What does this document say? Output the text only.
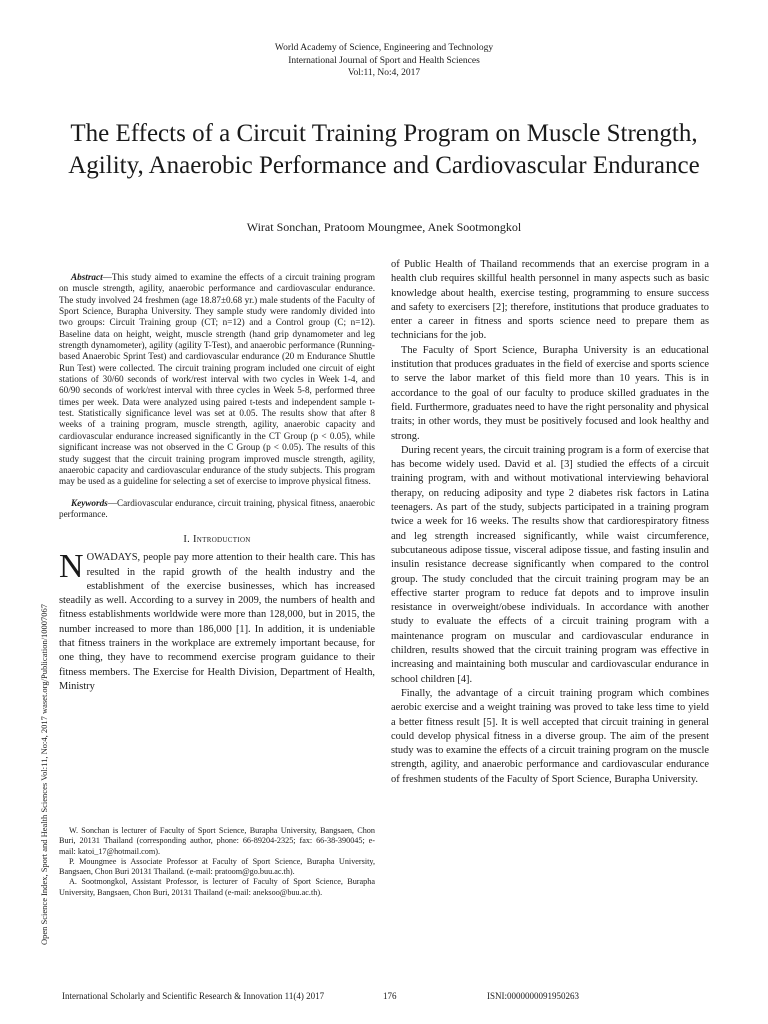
World Academy of Science, Engineering and Technology
International Journal of Sport and Health Sciences
Vol:11, No:4, 2017
The Effects of a Circuit Training Program on Muscle Strength, Agility, Anaerobic Performance and Cardiovascular Endurance
Wirat Sonchan, Pratoom Moungmee, Anek Sootmongkol
Open Science Index, Sport and Health Sciences Vol:11, No:4, 2017 waset.org/Publication/10007067

Abstract—This study aimed to examine the effects of a circuit training program on muscle strength, agility, anaerobic performance and cardiovascular endurance. The study involved 24 freshmen (age 18.87±0.68 yr.) male students of the Faculty of Sport Science, Burapha University. They sample study were randomly divided into two groups: Circuit Training group (CT; n=12) and a Control group (C; n=12). Baseline data on height, weight, muscle strength (hand grip dynamometer and leg strength dynamometer), agility (agility T-Test), and anaerobic performance (Running-based Anaerobic Sprint Test) and cardiovascular endurance (20 m Endurance Shuttle Run Test) were collected. The circuit training program included one circuit of eight stations of 30/60 seconds of work/rest interval with two cycles in Week 1-4, and 60/90 seconds of work/rest interval with three cycles in Week 5-8, performed three times per week. Data were analyzed using paired t-tests and independent sample t-test. Statistically significance level was set at 0.05. The results show that after 8 weeks of a training program, muscle strength, agility, anaerobic capacity and cardiovascular endurance increased significantly in the CT Group (p < 0.05), while significant increase was not observed in the C Group (p < 0.05). The results of this study suggest that the circuit training program improved muscle strength, agility, anaerobic capacity and cardiovascular endurance of the study subjects. This program may be used as a guideline for selecting a set of exercise to improve physical fitness.

Keywords—Cardiovascular endurance, circuit training, physical fitness, anaerobic performance.

I. Introduction

NOWADAYS, people pay more attention to their health care. This has resulted in the rapid growth of the health industry and the establishment of the exercise businesses, which has increased steadily as well. According to a survey in 2009, the numbers of health and fitness establishments worldwide were more than 128,000, but in 2015, the number increased to more than 186,000 [1]. In addition, it is undeniable that fitness trainers in the workplace are extremely important because, for one thing, they have to recommend exercise program guidance to their fitness members. The Exercise for Health Division, Department of Health, Ministry

W. Sonchan is lecturer of Faculty of Sport Science, Burapha University, Bangsaen, Chon Buri, 20131 Thailand (corresponding author, phone: 66-89204-2325; fax: 66-38-390045; e-mail: katoi_17@hotmail.com).

P. Moungmee is Associate Professor at Faculty of Sport Science, Burapha University, Bangsaen, Chon Buri 20131 Thailand. (e-mail: pratoom@go.buu.ac.th).

A. Sootmongkol, Assistant Professor, is lecturer of Faculty of Sport Science, Burapha University, Bangsaen, Chon Buri, 20131 Thailand (e-mail: aneksoo@buu.ac.th).

of Public Health of Thailand recommends that an exercise program in a health club requires skillful health personnel in many aspects such as basic knowledge about health, exercise testing, programming to ensure success and safety to exercisers [2]; therefore, institutions that produce graduates to enter a career in fitness and sports science need to prepare them as technicians for the job.

The Faculty of Sport Science, Burapha University is an educational institution that produces graduates in the field of exercise and sports science to serve the labor market of this field more than 10 years. This is in accordance to the goal of our faculty to produce skilled graduates in the field. Furthermore, graduates need to have the right personality and physical traits; in other words, they must be positively focused and look healthy and strong.

During recent years, the circuit training program is a form of exercise that has become widely used. David et al. [3] studied the effects of a circuit training program, with and without motivational interviewing behavioral therapy, on reducing adiposity and type 2 diabetes risk factors in Latina teenagers. As part of the study, subjects participated in a training program twice a week for 16 weeks. The results show that cardiorespiratory fitness and leg strength increased significantly, while waist circumference, subcutaneous adipose tissue, visceral adipose tissue, and fasting insulin and insulin resistance decrease significantly when compared to the control group. The study concluded that the circuit training program may be an effective starter program to reduce fat depots and to improve insulin resistance in overweight/obese individuals. In accordance with another study to evaluate the effects of a circuit training program with a maintenance program on muscular and cardiovascular endurance in children, results showed that the circuit training program was effective in increasing and maintaining both muscular and cardiovascular endurance in school children [4].

Finally, the advantage of a circuit training program which combines aerobic exercise and a weight training was proved to take less time to yield a better fitness result [5]. It is well accepted that circuit training in general could develop physical fitness in a diverse group. The aim of the present study was to examine the effects of a circuit training program on the muscle strength, agility, and anaerobic performance and cardiovascular endurance of freshmen students of the Faculty of Sport Science, Burapha University.

International Scholarly and Scientific Research & Innovation 11(4) 2017	176	ISNI:0000000091950263
